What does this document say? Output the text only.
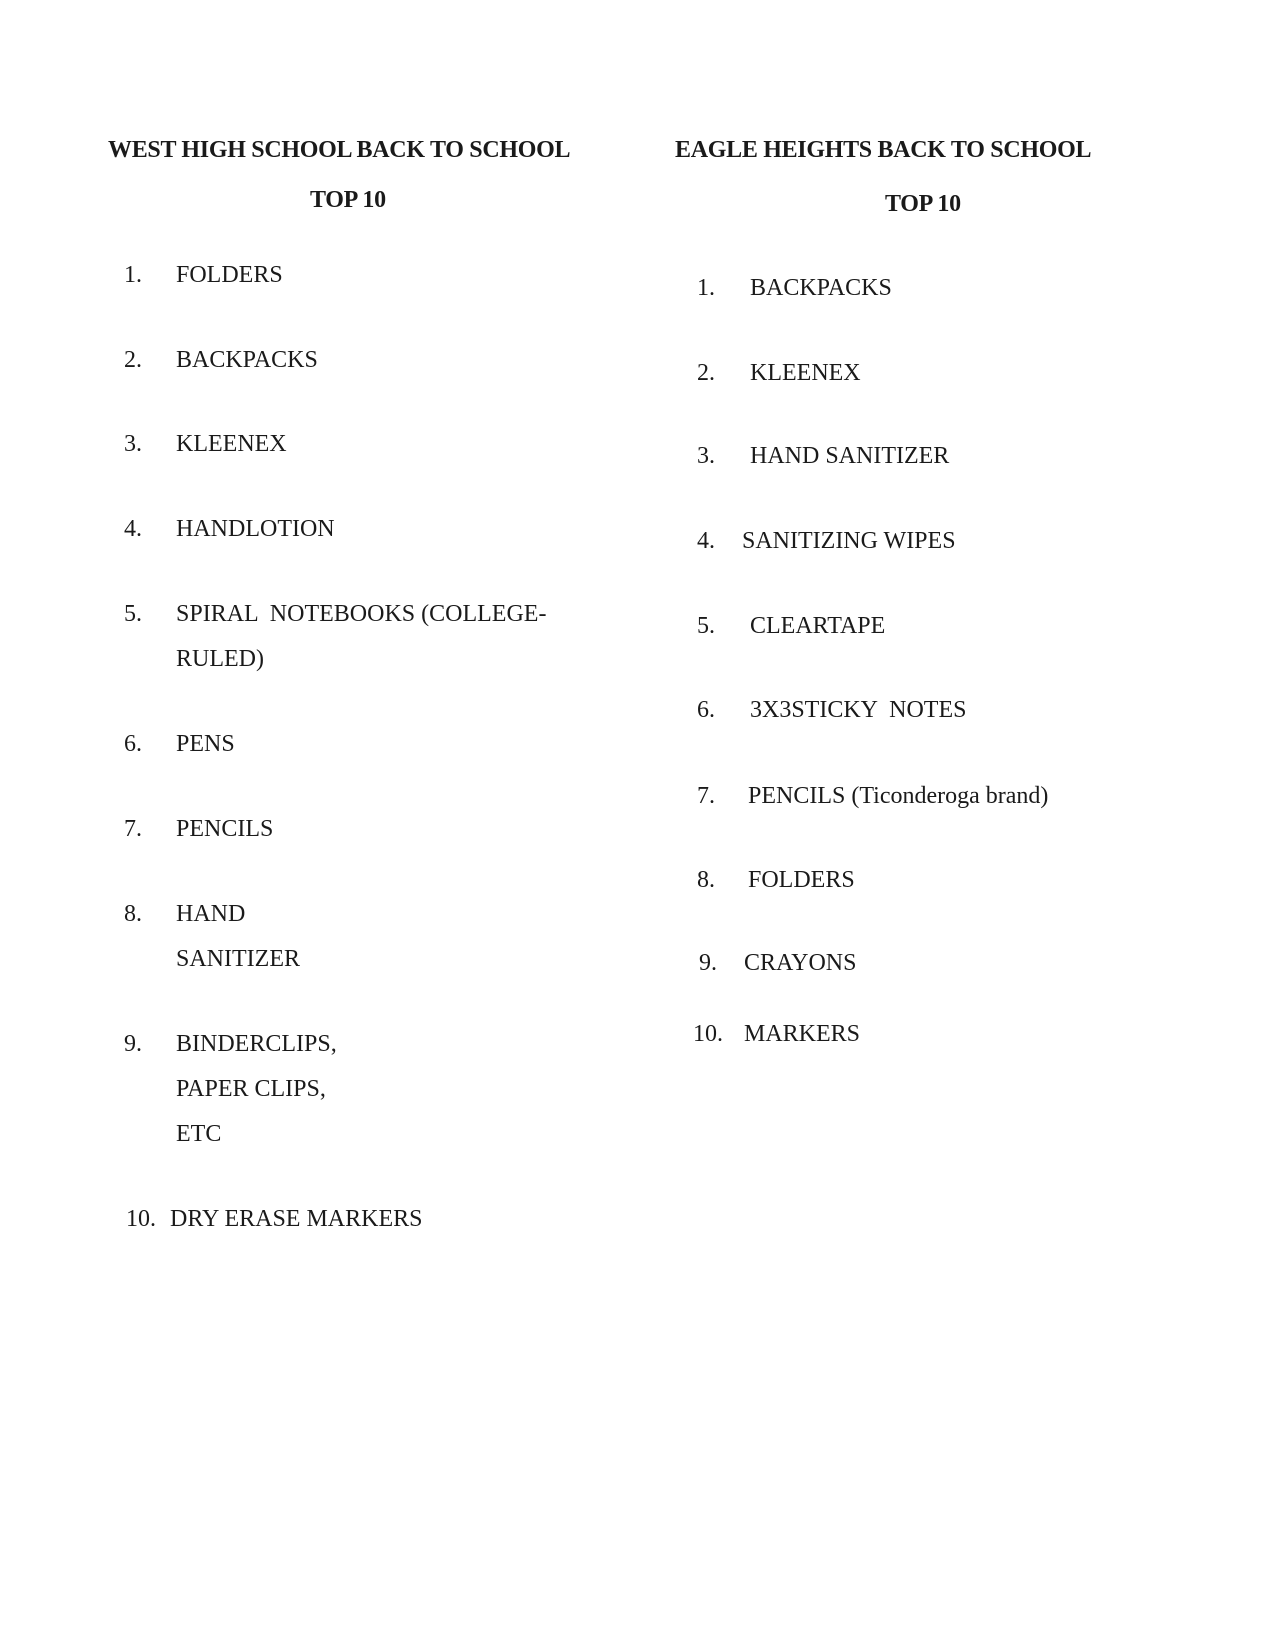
WEST HIGH SCHOOL BACK TO SCHOOL
TOP 10
EAGLE HEIGHTS BACK TO SCHOOL
TOP 10
1. FOLDERS
2. BACKPACKS
3. KLEENEX
4. HANDLOTION
5. SPIRAL  NOTEBOOKS (COLLEGE-
RULED)
6. PENS
7. PENCILS
8. HAND
SANITIZER
9. BINDERCLIPS,
PAPER CLIPS,
ETC
10. DRY ERASE MARKERS
1. BACKPACKS
2. KLEENEX
3. HAND SANITIZER
4. SANITIZING WIPES
5. CLEARTAPE
6. 3X3STICKY  NOTES
7. PENCILS (Ticonderoga brand)
8. FOLDERS
9. CRAYONS
10. MARKERS
